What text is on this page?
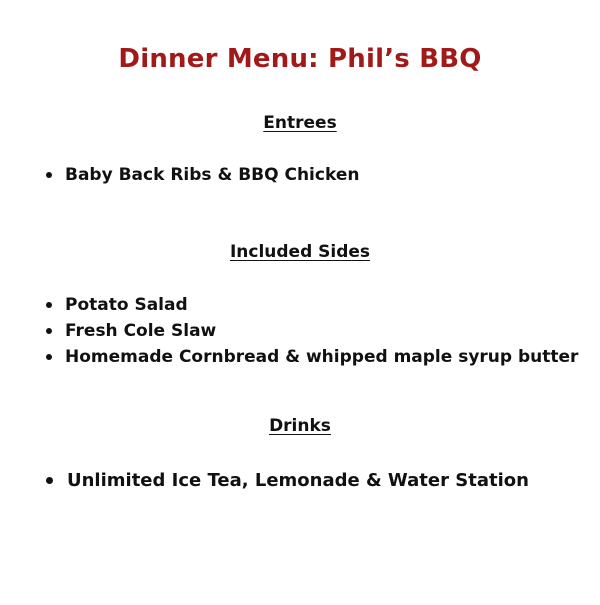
Dinner Menu: Phil’s BBQ
Entrees
Baby Back Ribs & BBQ Chicken
Included Sides
Potato Salad
Fresh Cole Slaw
Homemade Cornbread & whipped maple syrup butter
Drinks
Unlimited Ice Tea, Lemonade & Water Station
